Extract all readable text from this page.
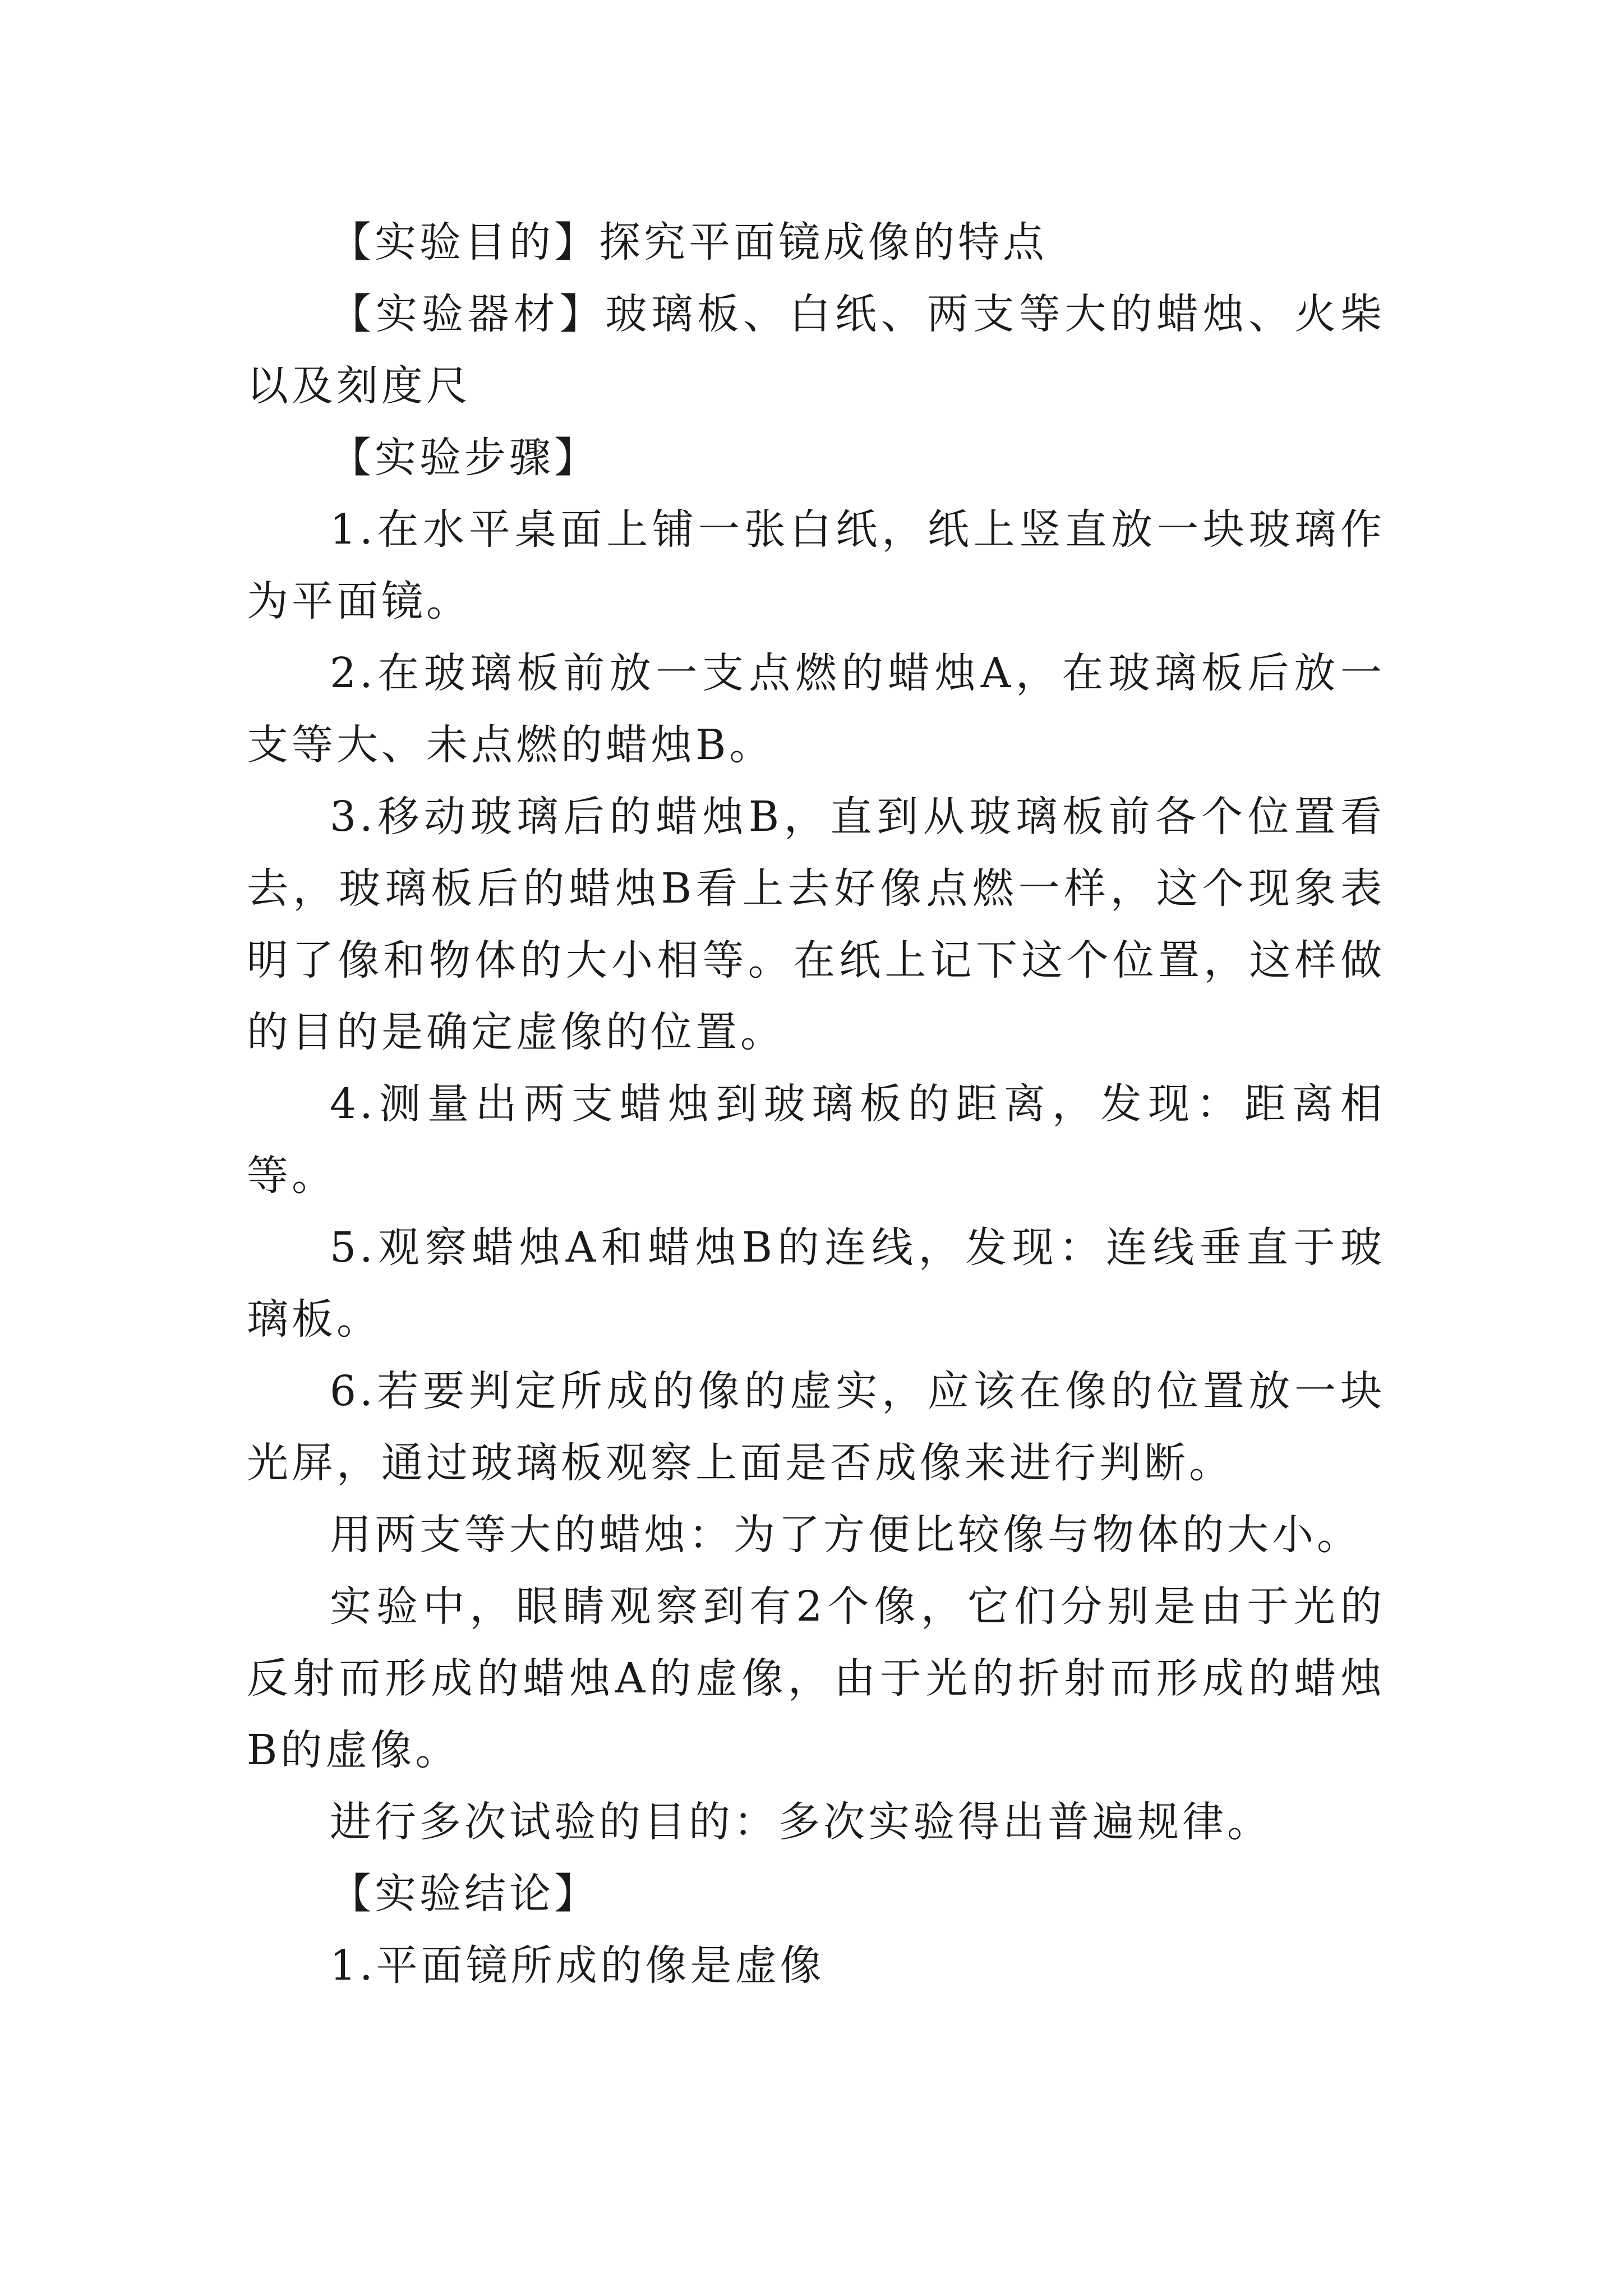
【实验目的】探究平面镜成像的特点

【实验器材】玻璃板、白纸、两支等大的蜡烛、火柴以及刻度尺

【实验步骤】

1.在水平桌面上铺一张白纸，纸上竖直放一块玻璃作为平面镜。

2.在玻璃板前放一支点燃的蜡烛A，在玻璃板后放一支等大、未点燃的蜡烛B。

3.移动玻璃后的蜡烛B，直到从玻璃板前各个位置看去，玻璃板后的蜡烛B看上去好像点燃一样，这个现象表明了像和物体的大小相等。在纸上记下这个位置，这样做的目的是确定虚像的位置。

4.测量出两支蜡烛到玻璃板的距离，发现：距离相等。

5.观察蜡烛A和蜡烛B的连线，发现：连线垂直于玻璃板。

6.若要判定所成的像的虚实，应该在像的位置放一块光屏，通过玻璃板观察上面是否成像来进行判断。

用两支等大的蜡烛：为了方便比较像与物体的大小。

实验中，眼睛观察到有2个像，它们分别是由于光的反射而形成的蜡烛A的虚像，由于光的折射而形成的蜡烛B的虚像。

进行多次试验的目的：多次实验得出普遍规律。

【实验结论】

1.平面镜所成的像是虚像
